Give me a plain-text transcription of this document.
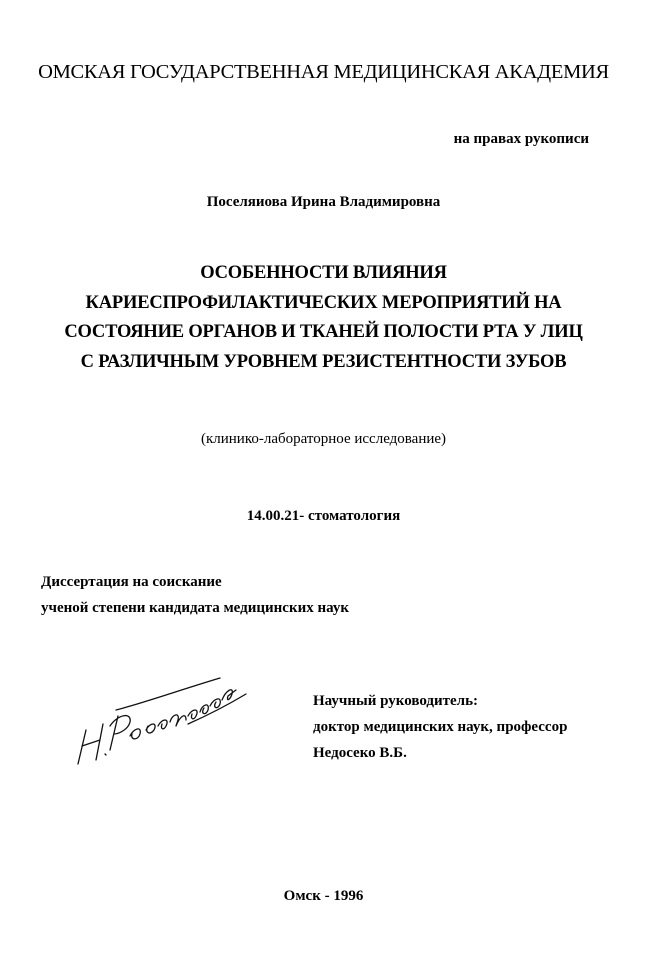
ОМСКАЯ ГОСУДАРСТВЕННАЯ МЕДИЦИНСКАЯ АКАДЕМИЯ
на правах рукописи
Поселяиова Ирина Владимировна
ОСОБЕННОСТИ ВЛИЯНИЯ
КАРИЕСПРОФИЛАКТИЧЕСКИХ МЕРОПРИЯТИЙ НА
СОСТОЯНИЕ ОРГАНОВ И ТКАНЕЙ ПОЛОСТИ РТА У ЛИЦ
С РАЗЛИЧНЫМ УРОВНЕМ РЕЗИСТЕНТНОСТИ ЗУБОВ
(клинико-лабораторное исследование)
14.00.21- стоматология
Диссертация на соискание
ученой степени кандидата медицинских наук
Научный руководитель:
доктор медицинских наук, профессор
Недосеко В.Б.
Омск - 1996
